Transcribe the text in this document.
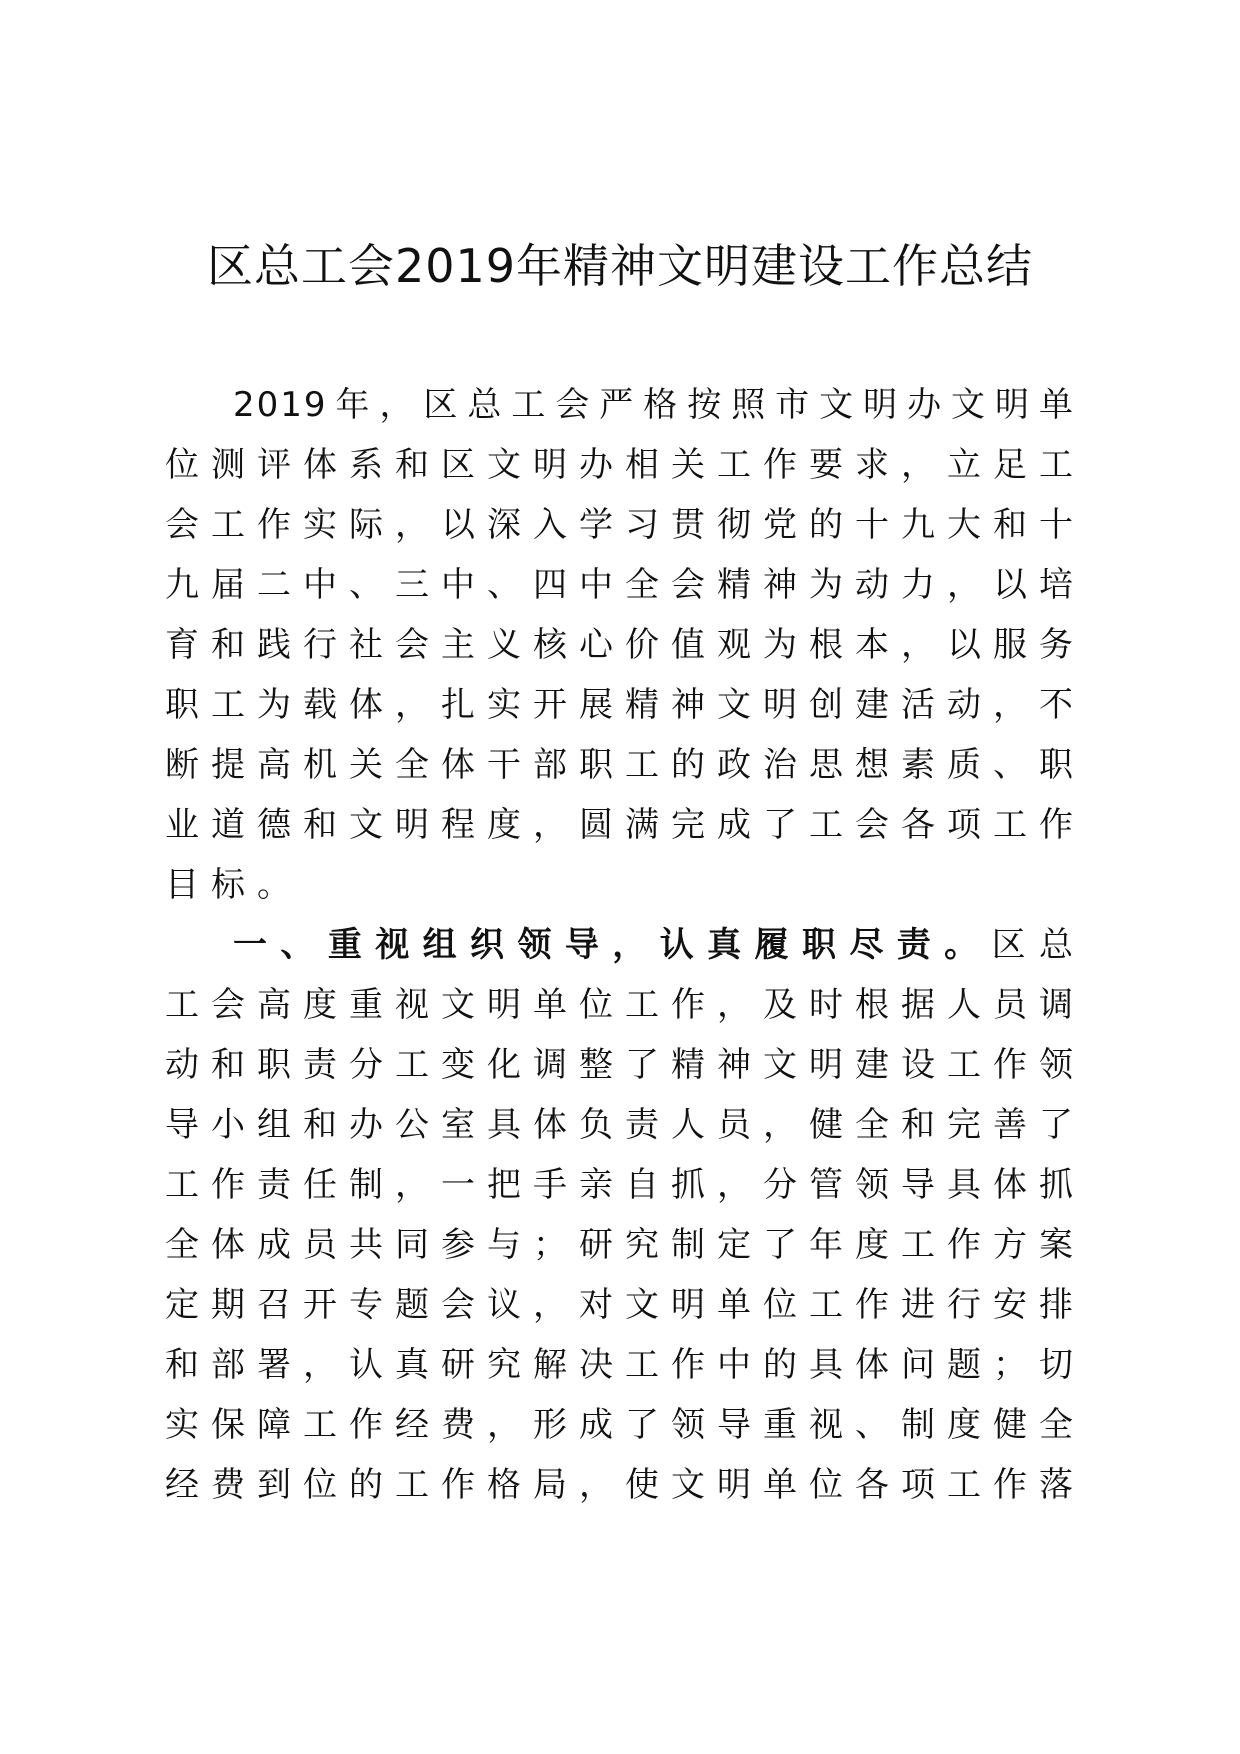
区总工会2019年精神文明建设工作总结
2019年，区总工会严格按照市文明办文明单
位测评体系和区文明办相关工作要求，立足工
会工作实际，以深入学习贯彻党的十九大和十
九届二中、三中、四中全会精神为动力，以培
育和践行社会主义核心价值观为根本，以服务
职工为载体，扎实开展精神文明创建活动，不
断提高机关全体干部职工的政治思想素质、职
业道德和文明程度，圆满完成了工会各项工作
目标。
一、重视组织领导，认真履职尽责。区总
工会高度重视文明单位工作，及时根据人员调
动和职责分工变化调整了精神文明建设工作领
导小组和办公室具体负责人员，健全和完善了
工作责任制，一把手亲自抓，分管领导具体抓
全体成员共同参与；研究制定了年度工作方案
定期召开专题会议，对文明单位工作进行安排
和部署，认真研究解决工作中的具体问题；切
实保障工作经费，形成了领导重视、制度健全
经费到位的工作格局，使文明单位各项工作落
